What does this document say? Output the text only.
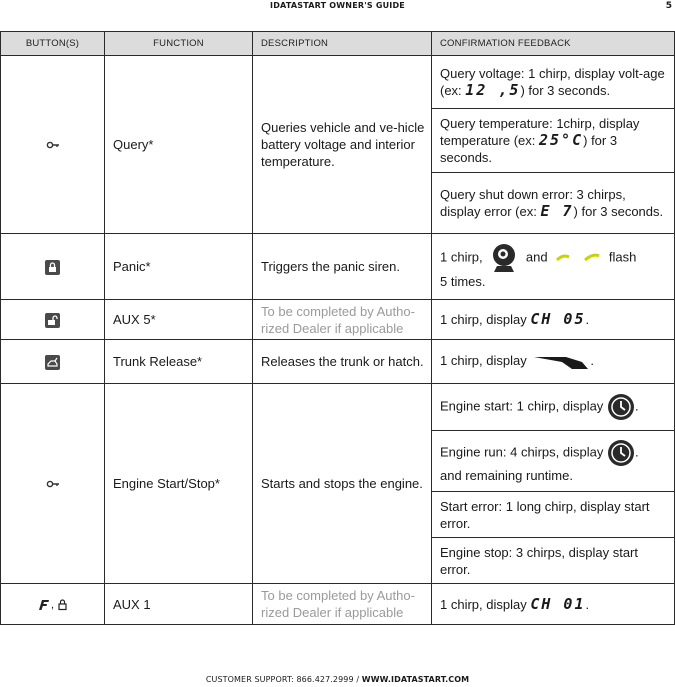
IDATASTART OWNER'S GUIDE	5
BUTTON(S)	FUNCTION	DESCRIPTION	CONFIRMATION FEEDBACK

	Query*	Queries vehicle and ve-hicle battery voltage and interior temperature.	Query voltage: 1 chirp, display volt-age (ex: 12 ,5) for 3 seconds.
			Query temperature: 1chirp, display temperature (ex: 25°C) for 3 seconds.
			Query shut down error: 3 chirps, display error (ex: E 7) for 3 seconds.

	Panic*	Triggers the panic siren.	1 chirp, and flash
5 times.

	AUX 5*	To be completed by Autho-rized Dealer if applicable	1 chirp, display CH 05.

	Trunk Release*	Releases the trunk or hatch.	1 chirp, display .

	Engine Start/Stop*	Starts and stops the engine.	Engine start: 1 chirp, display .
			Engine run: 4 chirps, display .
and remaining runtime.
			Start error: 1 long chirp, display start error.
			Engine stop: 3 chirps, display start error.

,	AUX 1	To be completed by Autho-rized Dealer if applicable	1 chirp, display CH 01.
CUSTOMER SUPPORT: 866.427.2999 / WWW.IDATASTART.COM
